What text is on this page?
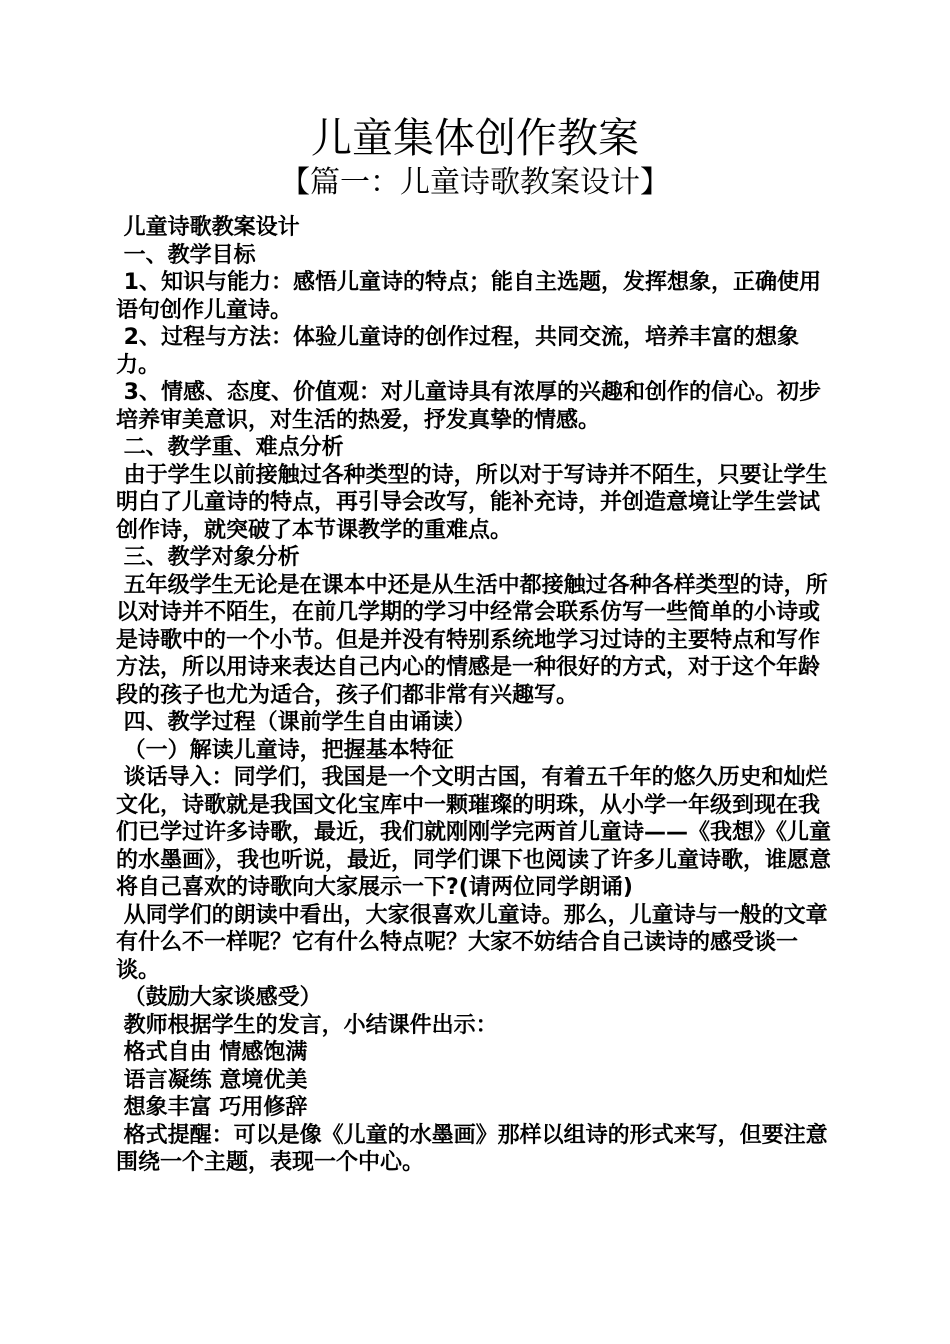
儿童集体创作教案
【篇一：儿童诗歌教案设计】

儿童诗歌教案设计

一、教学目标

1、知识与能力：感悟儿童诗的特点；能自主选题，发挥想象，正确使用语句创作儿童诗。

2、过程与方法：体验儿童诗的创作过程，共同交流，培养丰富的想象力。

3、情感、态度、价值观：对儿童诗具有浓厚的兴趣和创作的信心。初步培养审美意识，对生活的热爱，抒发真挚的情感。

二、教学重、难点分析

由于学生以前接触过各种类型的诗，所以对于写诗并不陌生，只要让学生明白了儿童诗的特点，再引导会改写，能补充诗，并创造意境让学生尝试创作诗，就突破了本节课教学的重难点。

三、教学对象分析

五年级学生无论是在课本中还是从生活中都接触过各种各样类型的诗，所以对诗并不陌生，在前几学期的学习中经常会联系仿写一些简单的小诗或是诗歌中的一个小节。但是并没有特别系统地学习过诗的主要特点和写作方法，所以用诗来表达自己内心的情感是一种很好的方式，对于这个年龄段的孩子也尤为适合，孩子们都非常有兴趣写。

四、教学过程（课前学生自由诵读）

（一）解读儿童诗，把握基本特征

谈话导入：同学们，我国是一个文明古国，有着五千年的悠久历史和灿烂文化，诗歌就是我国文化宝库中一颗璀璨的明珠，从小学一年级到现在我们已学过许多诗歌，最近，我们就刚刚学完两首儿童诗——《我想》《儿童的水墨画》，我也听说，最近，同学们课下也阅读了许多儿童诗歌，谁愿意将自己喜欢的诗歌向大家展示一下?(请两位同学朗诵)

从同学们的朗读中看出，大家很喜欢儿童诗。那么，儿童诗与一般的文章有什么不一样呢？它有什么特点呢？大家不妨结合自己读诗的感受谈一谈。

（鼓励大家谈感受）

教师根据学生的发言，小结课件出示：

格式自由 情感饱满

语言凝练 意境优美

想象丰富 巧用修辞

格式提醒：可以是像《儿童的水墨画》那样以组诗的形式来写，但要注意围绕一个主题，表现一个中心。
